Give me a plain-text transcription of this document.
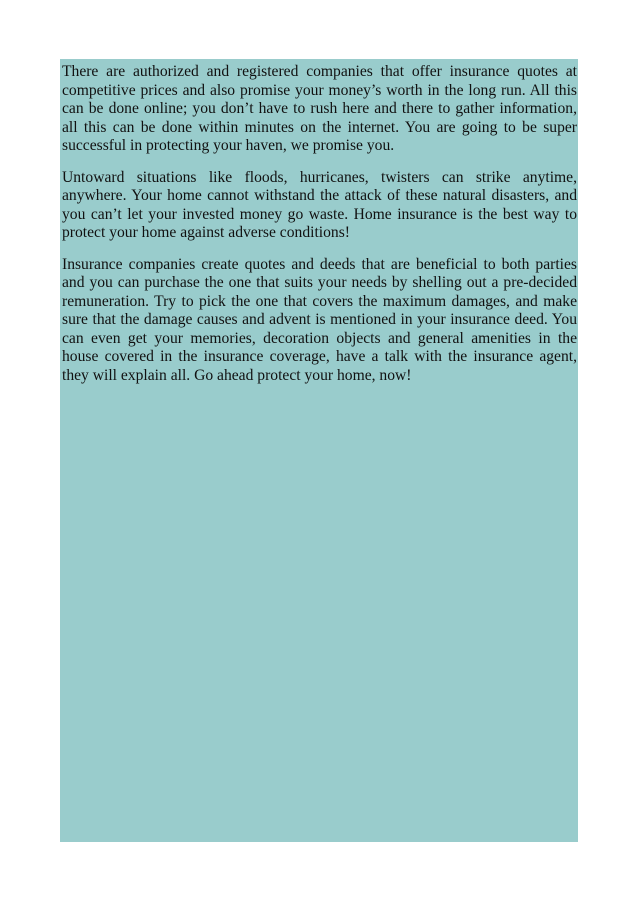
There are authorized and registered companies that offer insurance quotes at competitive prices and also promise your money’s worth in the long run. All this can be done online; you don’t have to rush here and there to gather information, all this can be done within minutes on the internet. You are going to be super successful in protecting your haven, we promise you.

Untoward situations like floods, hurricanes, twisters can strike anytime, anywhere. Your home cannot withstand the attack of these natural disasters, and you can’t let your invested money go waste. Home insurance is the best way to protect your home against adverse conditions!

Insurance companies create quotes and deeds that are beneficial to both parties and you can purchase the one that suits your needs by shelling out a pre-decided remuneration. Try to pick the one that covers the maximum damages, and make sure that the damage causes and advent is mentioned in your insurance deed. You can even get your memories, decoration objects and general amenities in the house covered in the insurance coverage, have a talk with the insurance agent, they will explain all. Go ahead protect your home, now!
